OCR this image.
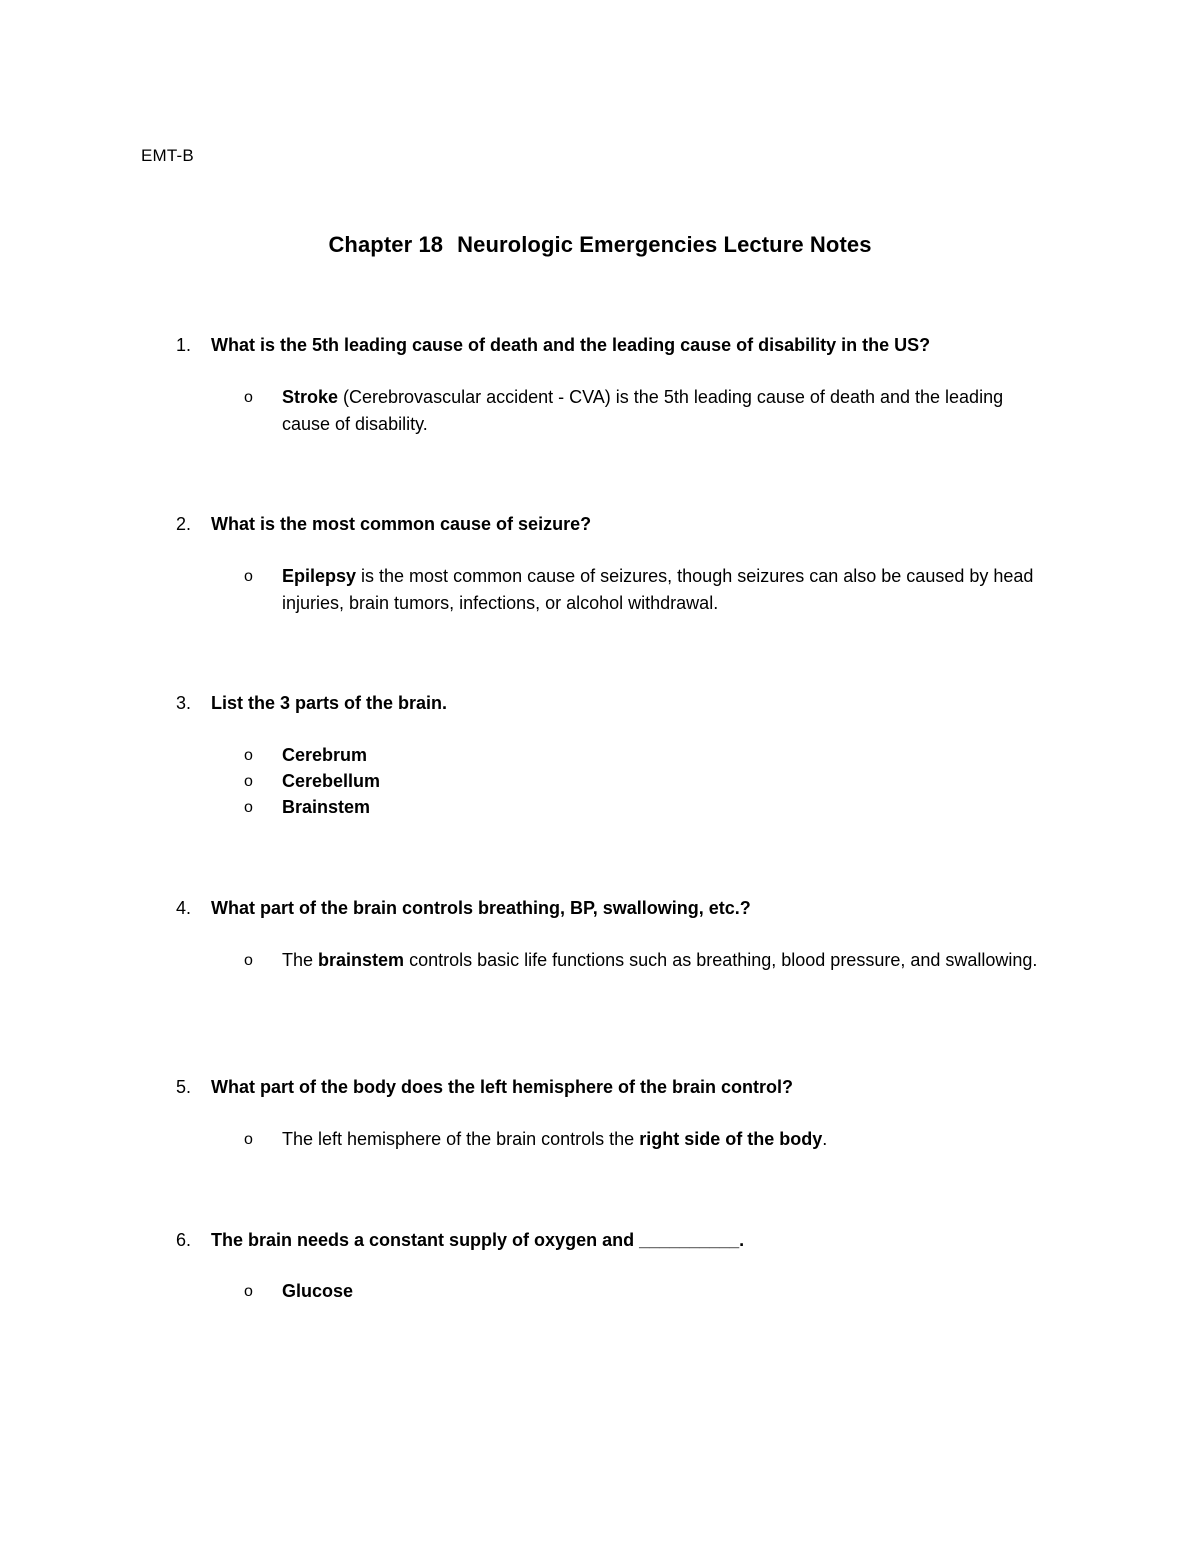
EMT-B
Chapter 18 Neurologic Emergencies Lecture Notes
1. What is the 5th leading cause of death and the leading cause of disability in the US?
o Stroke (Cerebrovascular accident - CVA) is the 5th leading cause of death and the leading cause of disability.
2. What is the most common cause of seizure?
o Epilepsy is the most common cause of seizures, though seizures can also be caused by head injuries, brain tumors, infections, or alcohol withdrawal.
3. List the 3 parts of the brain.
o Cerebrum
o Cerebellum
o Brainstem
4. What part of the brain controls breathing, BP, swallowing, etc.?
o The brainstem controls basic life functions such as breathing, blood pressure, and swallowing.
5. What part of the body does the left hemisphere of the brain control?
o The left hemisphere of the brain controls the right side of the body.
6. The brain needs a constant supply of oxygen and __________.
o Glucose
